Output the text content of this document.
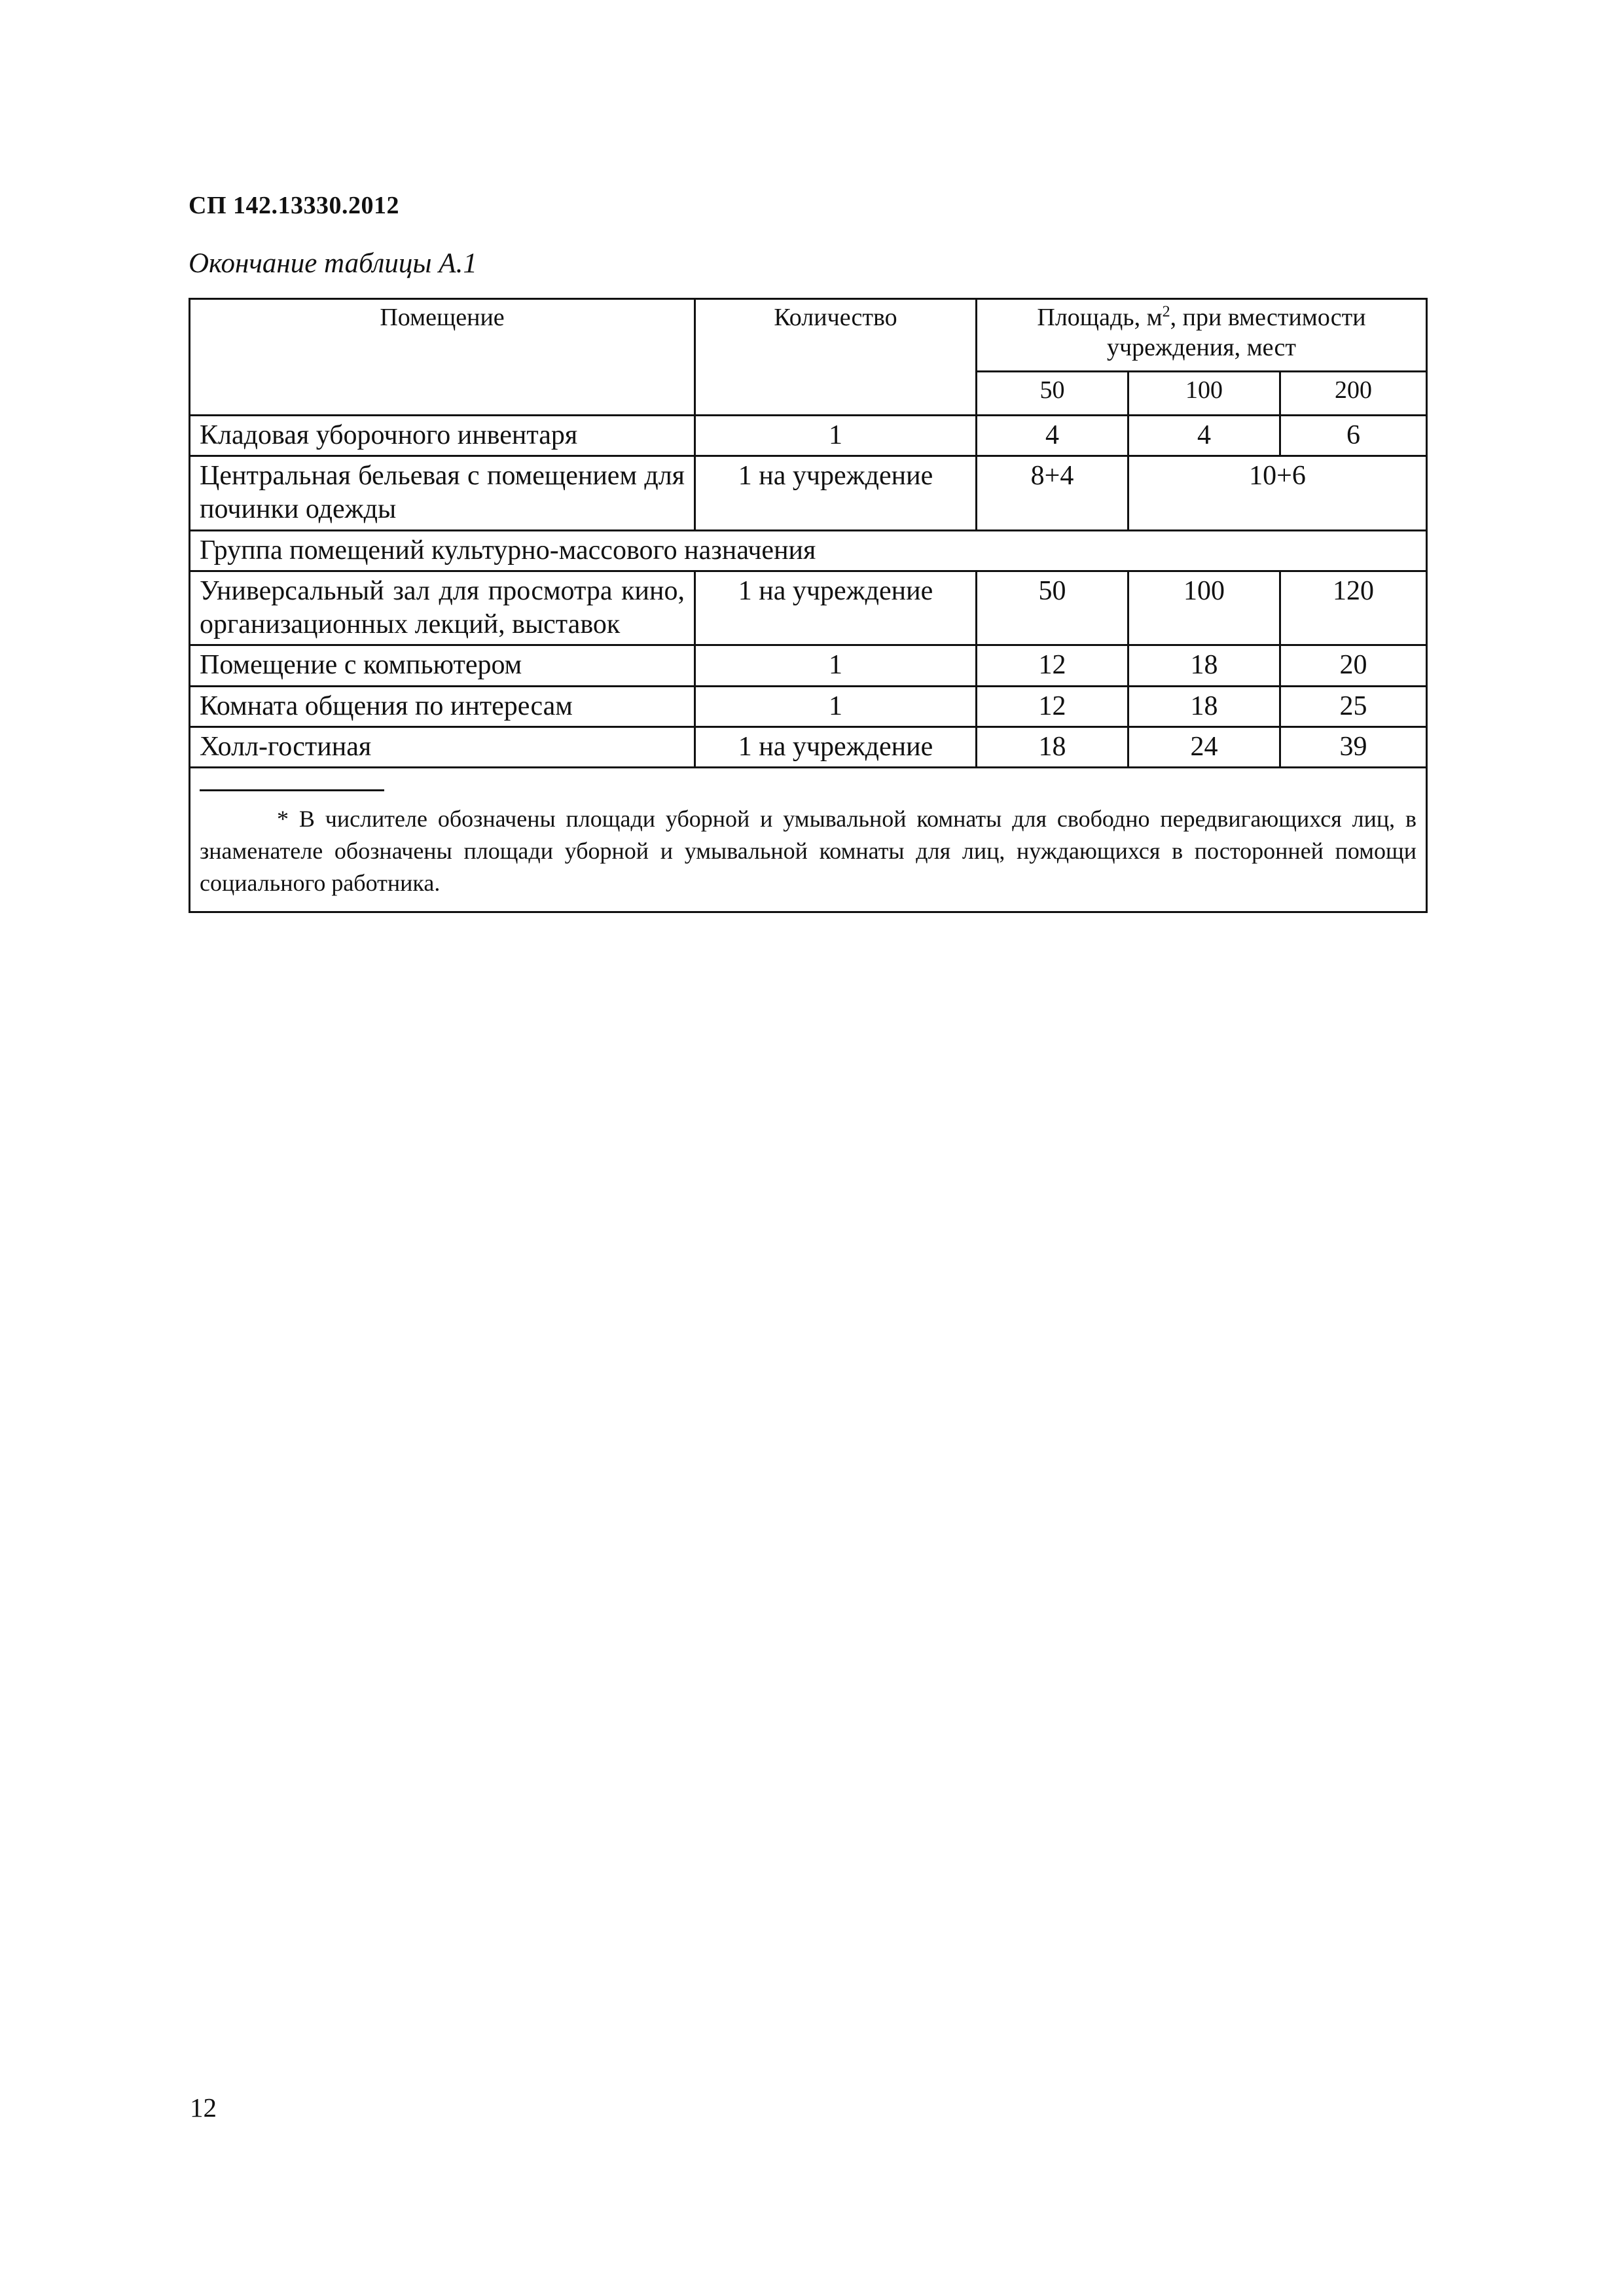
СП 142.13330.2012
Окончание таблицы А.1
Помещение	Количество	Площадь, $м^2$, при вместимости учреждения, мест		
		50	100	200
Кладовая уборочного инвентаря	1	4	4	6
Центральная бельевая с помещением для починки одежды	1 на учреждение	8+4	10+6	
Группа помещений культурно-массового назначения				
Универсальный зал для просмотра кино, организационных лекций, выставок	1 на учреждение	50	100	120
Помещение с компьютером	1	12	18	20
Комната общения по интересам	1	12	18	25
Холл-гостиная	1 на учреждение	18	24	39

* В числителе обозначены площади уборной и умывальной комнаты для свободно передвигающихся лиц, в знаменателе обозначены площади уборной и умывальной комнаты для лиц, нуждающихся в посторонней помощи социального работника.				
12
